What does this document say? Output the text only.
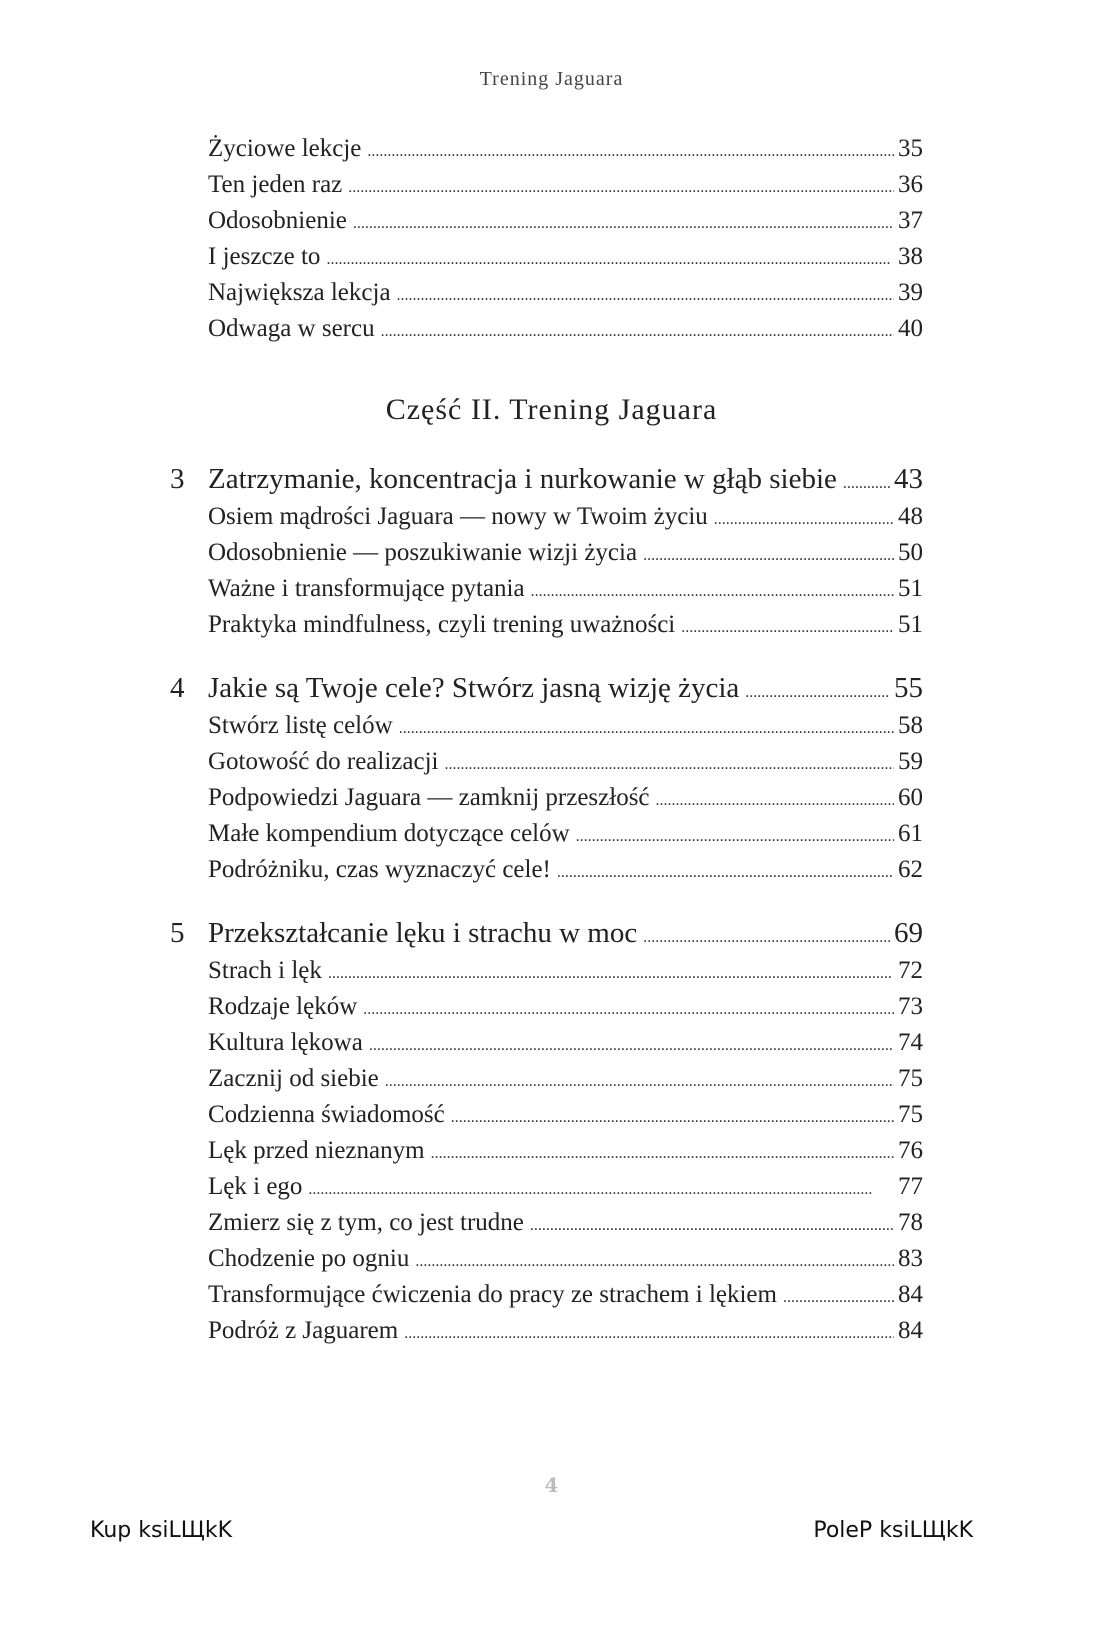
Trening Jaguara
Życiowe lekcje . . .	35
Ten jeden raz . . .	36
Odosobnienie . . .	37
I jeszcze to . . .	38
Największa lekcja . . .	39
Odwaga w sercu . . .	40
Część II. Trening Jaguara
3 Zatrzymanie, koncentracja i nurkowanie w głąb siebie . . . 43
Osiem mądrości Jaguara — nowy w Twoim życiu . . .	48
Odosobnienie — poszukiwanie wizji życia . . .	50
Ważne i transformujące pytania . . .	51
Praktyka mindfulness, czyli trening uważności . . .	51
4 Jakie są Twoje cele? Stwórz jasną wizję życia . . .	55
Stwórz listę celów . . .	58
Gotowość do realizacji . . .	59
Podpowiedzi Jaguara — zamknij przeszłość . . .	60
Małe kompendium dotyczące celów . . .	61
Podróżniku, czas wyznaczyć cele! . . .	62
5 Przekształcanie lęku i strachu w moc . . .	69
Strach i lęk . . .	72
Rodzaje lęków . . .	73
Kultura lękowa . . .	74
Zacznij od siebie . . .	75
Codzienna świadomość . . .	75
Lęk przed nieznanym . . .	76
Lęk i ego . . .	77
Zmierz się z tym, co jest trudne . . .	78
Chodzenie po ogniu . . .	83
Transformujące ćwiczenia do pracy ze strachem i lękiem . . .	84
Podróż z Jaguarem . . .	84
4
Kup ksiLЩkK	PoleP ksiLЩkK
